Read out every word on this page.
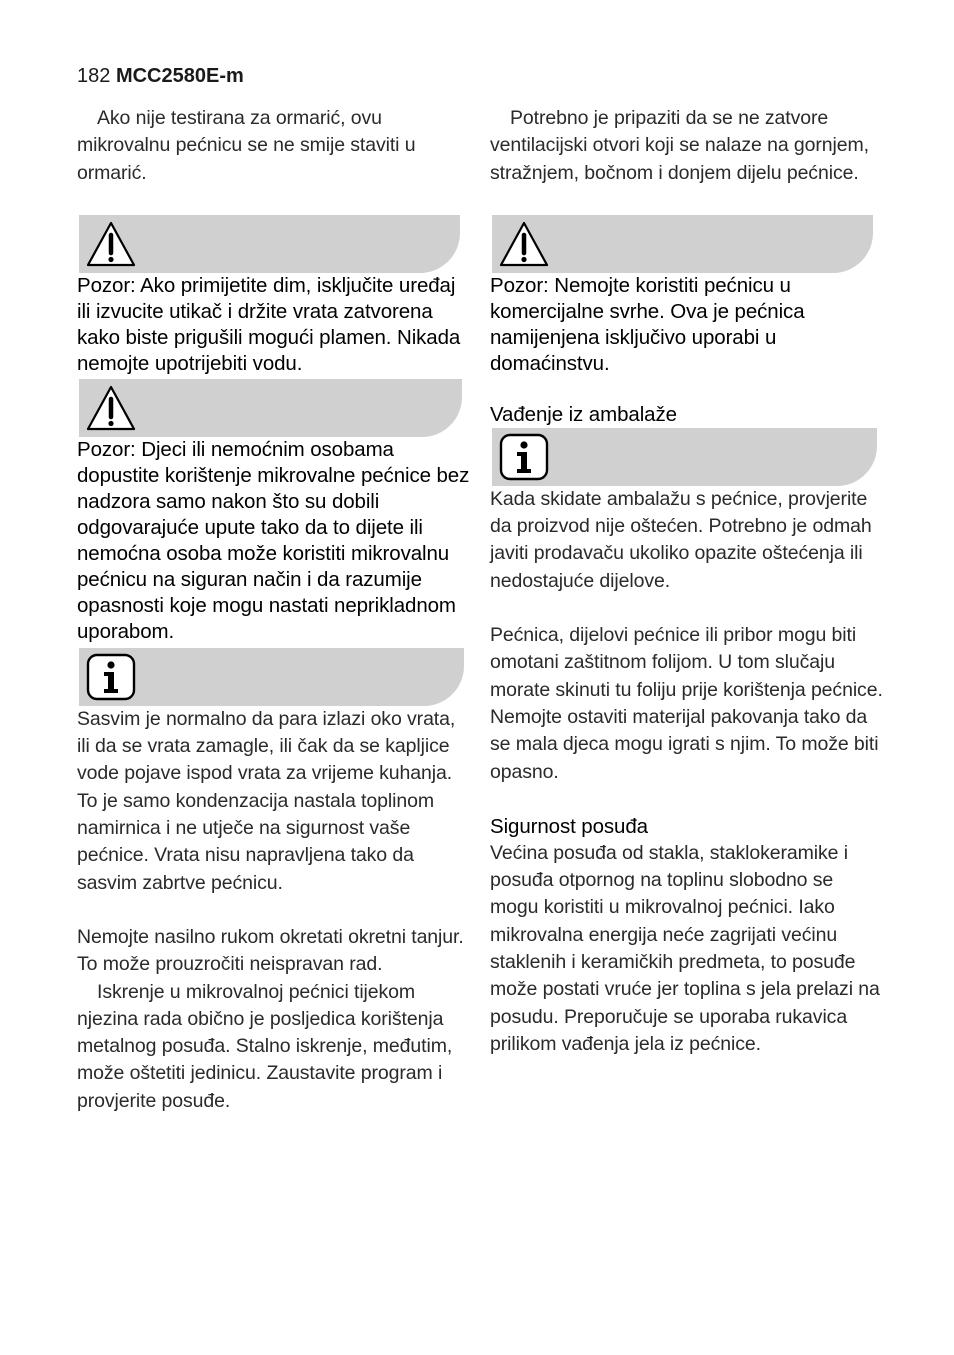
182 MCC2580E-m

Ako nije testirana za ormarić, ovu mikrovalnu pećnicu se ne smije staviti u ormarić.

Pozor: Ako primijetite dim, isključite uređaj ili izvucite utikač i držite vrata zatvorena kako biste prigušili mogući plamen. Nikada nemojte upotrijebiti vodu.

Pozor: Djeci ili nemoćnim osobama dopustite korištenje mikrovalne pećnice bez nadzora samo nakon što su dobili odgovarajuće upute tako da to dijete ili nemoćna osoba može koristiti mikrovalnu pećnicu na siguran način i da razumije opasnosti koje mogu nastati neprikladnom uporabom.

Sasvim je normalno da para izlazi oko vrata, ili da se vrata zamagle, ili čak da se kapljice vode pojave ispod vrata za vrijeme kuhanja. To je samo kondenzacija nastala toplinom namirnica i ne utječe na sigurnost vaše pećnice. Vrata nisu napravljena tako da sasvim zabrtve pećnicu.

Nemojte nasilno rukom okretati okretni tanjur. To može prouzročiti neispravan rad.

Iskrenje u mikrovalnoj pećnici tijekom njezina rada obično je posljedica korištenja metalnog posuđa. Stalno iskrenje, međutim, može oštetiti jedinicu. Zaustavite program i provjerite posuđe.

Potrebno je pripaziti da se ne zatvore ventilacijski otvori koji se nalaze na gornjem, stražnjem, bočnom i donjem dijelu pećnice.

Pozor: Nemojte koristiti pećnicu u komercijalne svrhe. Ova je pećnica namijenjena isključivo uporabi u domaćinstvu.

Vađenje iz ambalaže

Kada skidate ambalažu s pećnice, provjerite da proizvod nije oštećen. Potrebno je odmah javiti prodavaču ukoliko opazite oštećenja ili nedostajuće dijelove.

Pećnica, dijelovi pećnice ili pribor mogu biti omotani zaštitnom folijom. U tom slučaju morate skinuti tu foliju prije korištenja pećnice. Nemojte ostaviti materijal pakovanja tako da se mala djeca mogu igrati s njim. To može biti opasno.

Sigurnost posuđa

Većina posuđa od stakla, staklokeramike i posuđa otpornog na toplinu slobodno se mogu koristiti u mikrovalnoj pećnici. Iako mikrovalna energija neće zagrijati većinu staklenih i keramičkih predmeta, to posuđe može postati vruće jer toplina s jela prelazi na posudu. Preporučuje se uporaba rukavica prilikom vađenja jela iz pećnice.
